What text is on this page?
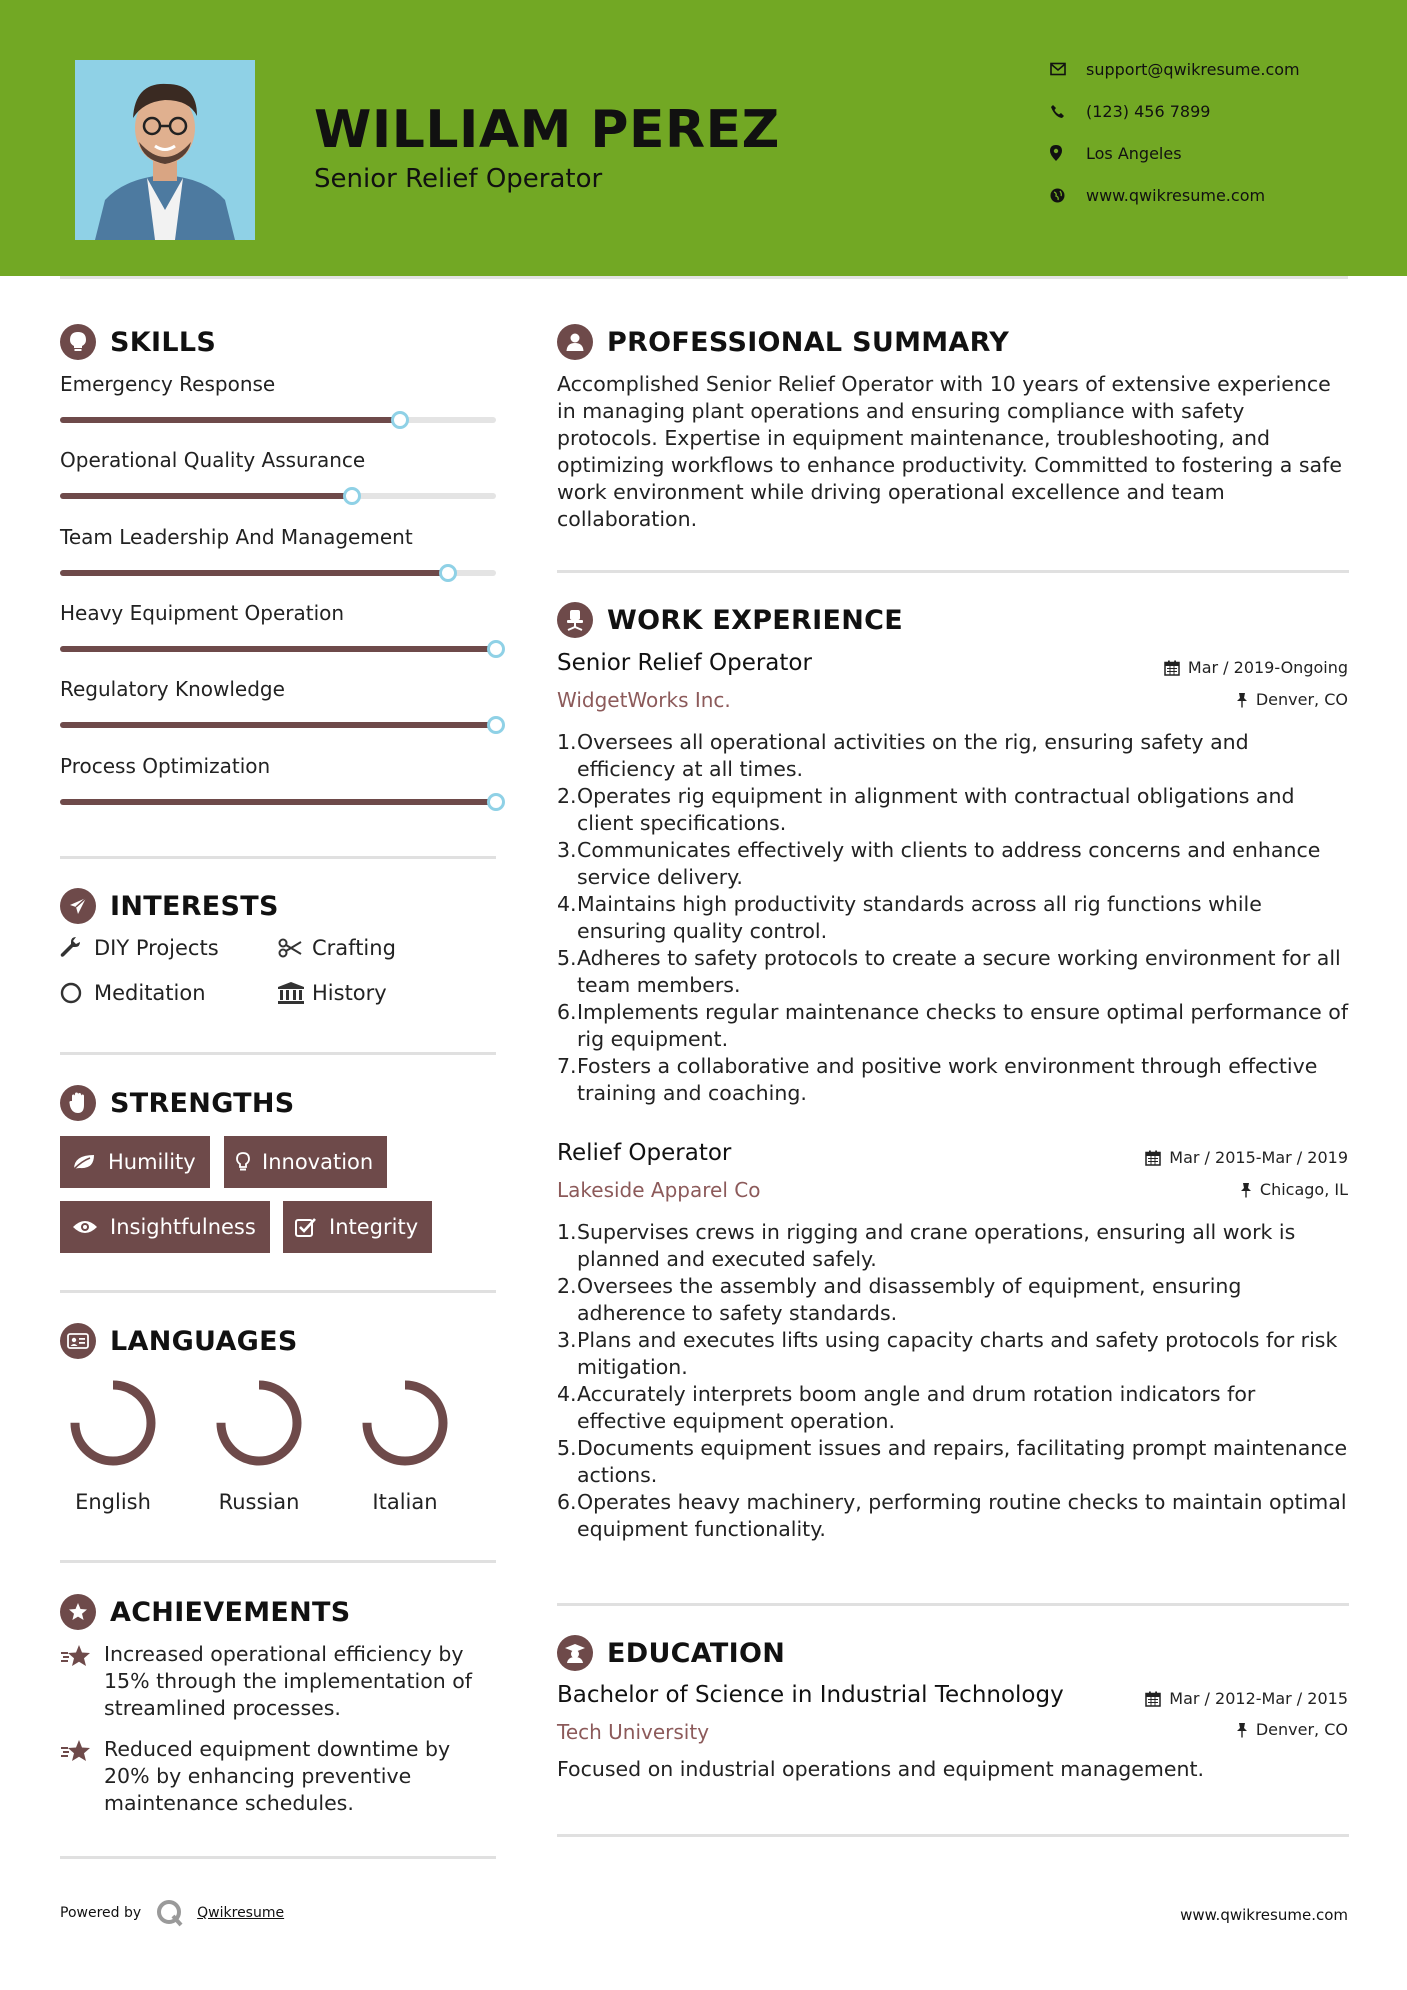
WILLIAM PEREZ
Senior Relief Operator
support@qwikresume.com
(123) 456 7899
Los Angeles
www.qwikresume.com
SKILLS
Emergency Response
Operational Quality Assurance
Team Leadership And Management
Heavy Equipment Operation
Regulatory Knowledge
Process Optimization
INTERESTS
DIY Projects	Crafting
Meditation	History
STRENGTHS
Humility	Innovation
Insightfulness	Integrity
LANGUAGES
English	Russian	Italian
ACHIEVEMENTS
Increased operational efficiency by 15% through the implementation of streamlined processes.
Reduced equipment downtime by 20% by enhancing preventive maintenance schedules.
PROFESSIONAL SUMMARY
Accomplished Senior Relief Operator with 10 years of extensive experience in managing plant operations and ensuring compliance with safety protocols. Expertise in equipment maintenance, troubleshooting, and optimizing workflows to enhance productivity. Committed to fostering a safe work environment while driving operational excellence and team collaboration.
WORK EXPERIENCE
Senior Relief Operator	Mar / 2019-Ongoing
WidgetWorks Inc.	Denver, CO
1. Oversees all operational activities on the rig, ensuring safety and efficiency at all times.
2. Operates rig equipment in alignment with contractual obligations and client specifications.
3. Communicates effectively with clients to address concerns and enhance service delivery.
4. Maintains high productivity standards across all rig functions while ensuring quality control.
5. Adheres to safety protocols to create a secure working environment for all team members.
6. Implements regular maintenance checks to ensure optimal performance of rig equipment.
7. Fosters a collaborative and positive work environment through effective training and coaching.
Relief Operator	Mar / 2015-Mar / 2019
Lakeside Apparel Co	Chicago, IL
1. Supervises crews in rigging and crane operations, ensuring all work is planned and executed safely.
2. Oversees the assembly and disassembly of equipment, ensuring adherence to safety standards.
3. Plans and executes lifts using capacity charts and safety protocols for risk mitigation.
4. Accurately interprets boom angle and drum rotation indicators for effective equipment operation.
5. Documents equipment issues and repairs, facilitating prompt maintenance actions.
6. Operates heavy machinery, performing routine checks to maintain optimal equipment functionality.
EDUCATION
Bachelor of Science in Industrial Technology	Mar / 2012-Mar / 2015
Tech University	Denver, CO
Focused on industrial operations and equipment management.
Powered by	Qwikresume	www.qwikresume.com
